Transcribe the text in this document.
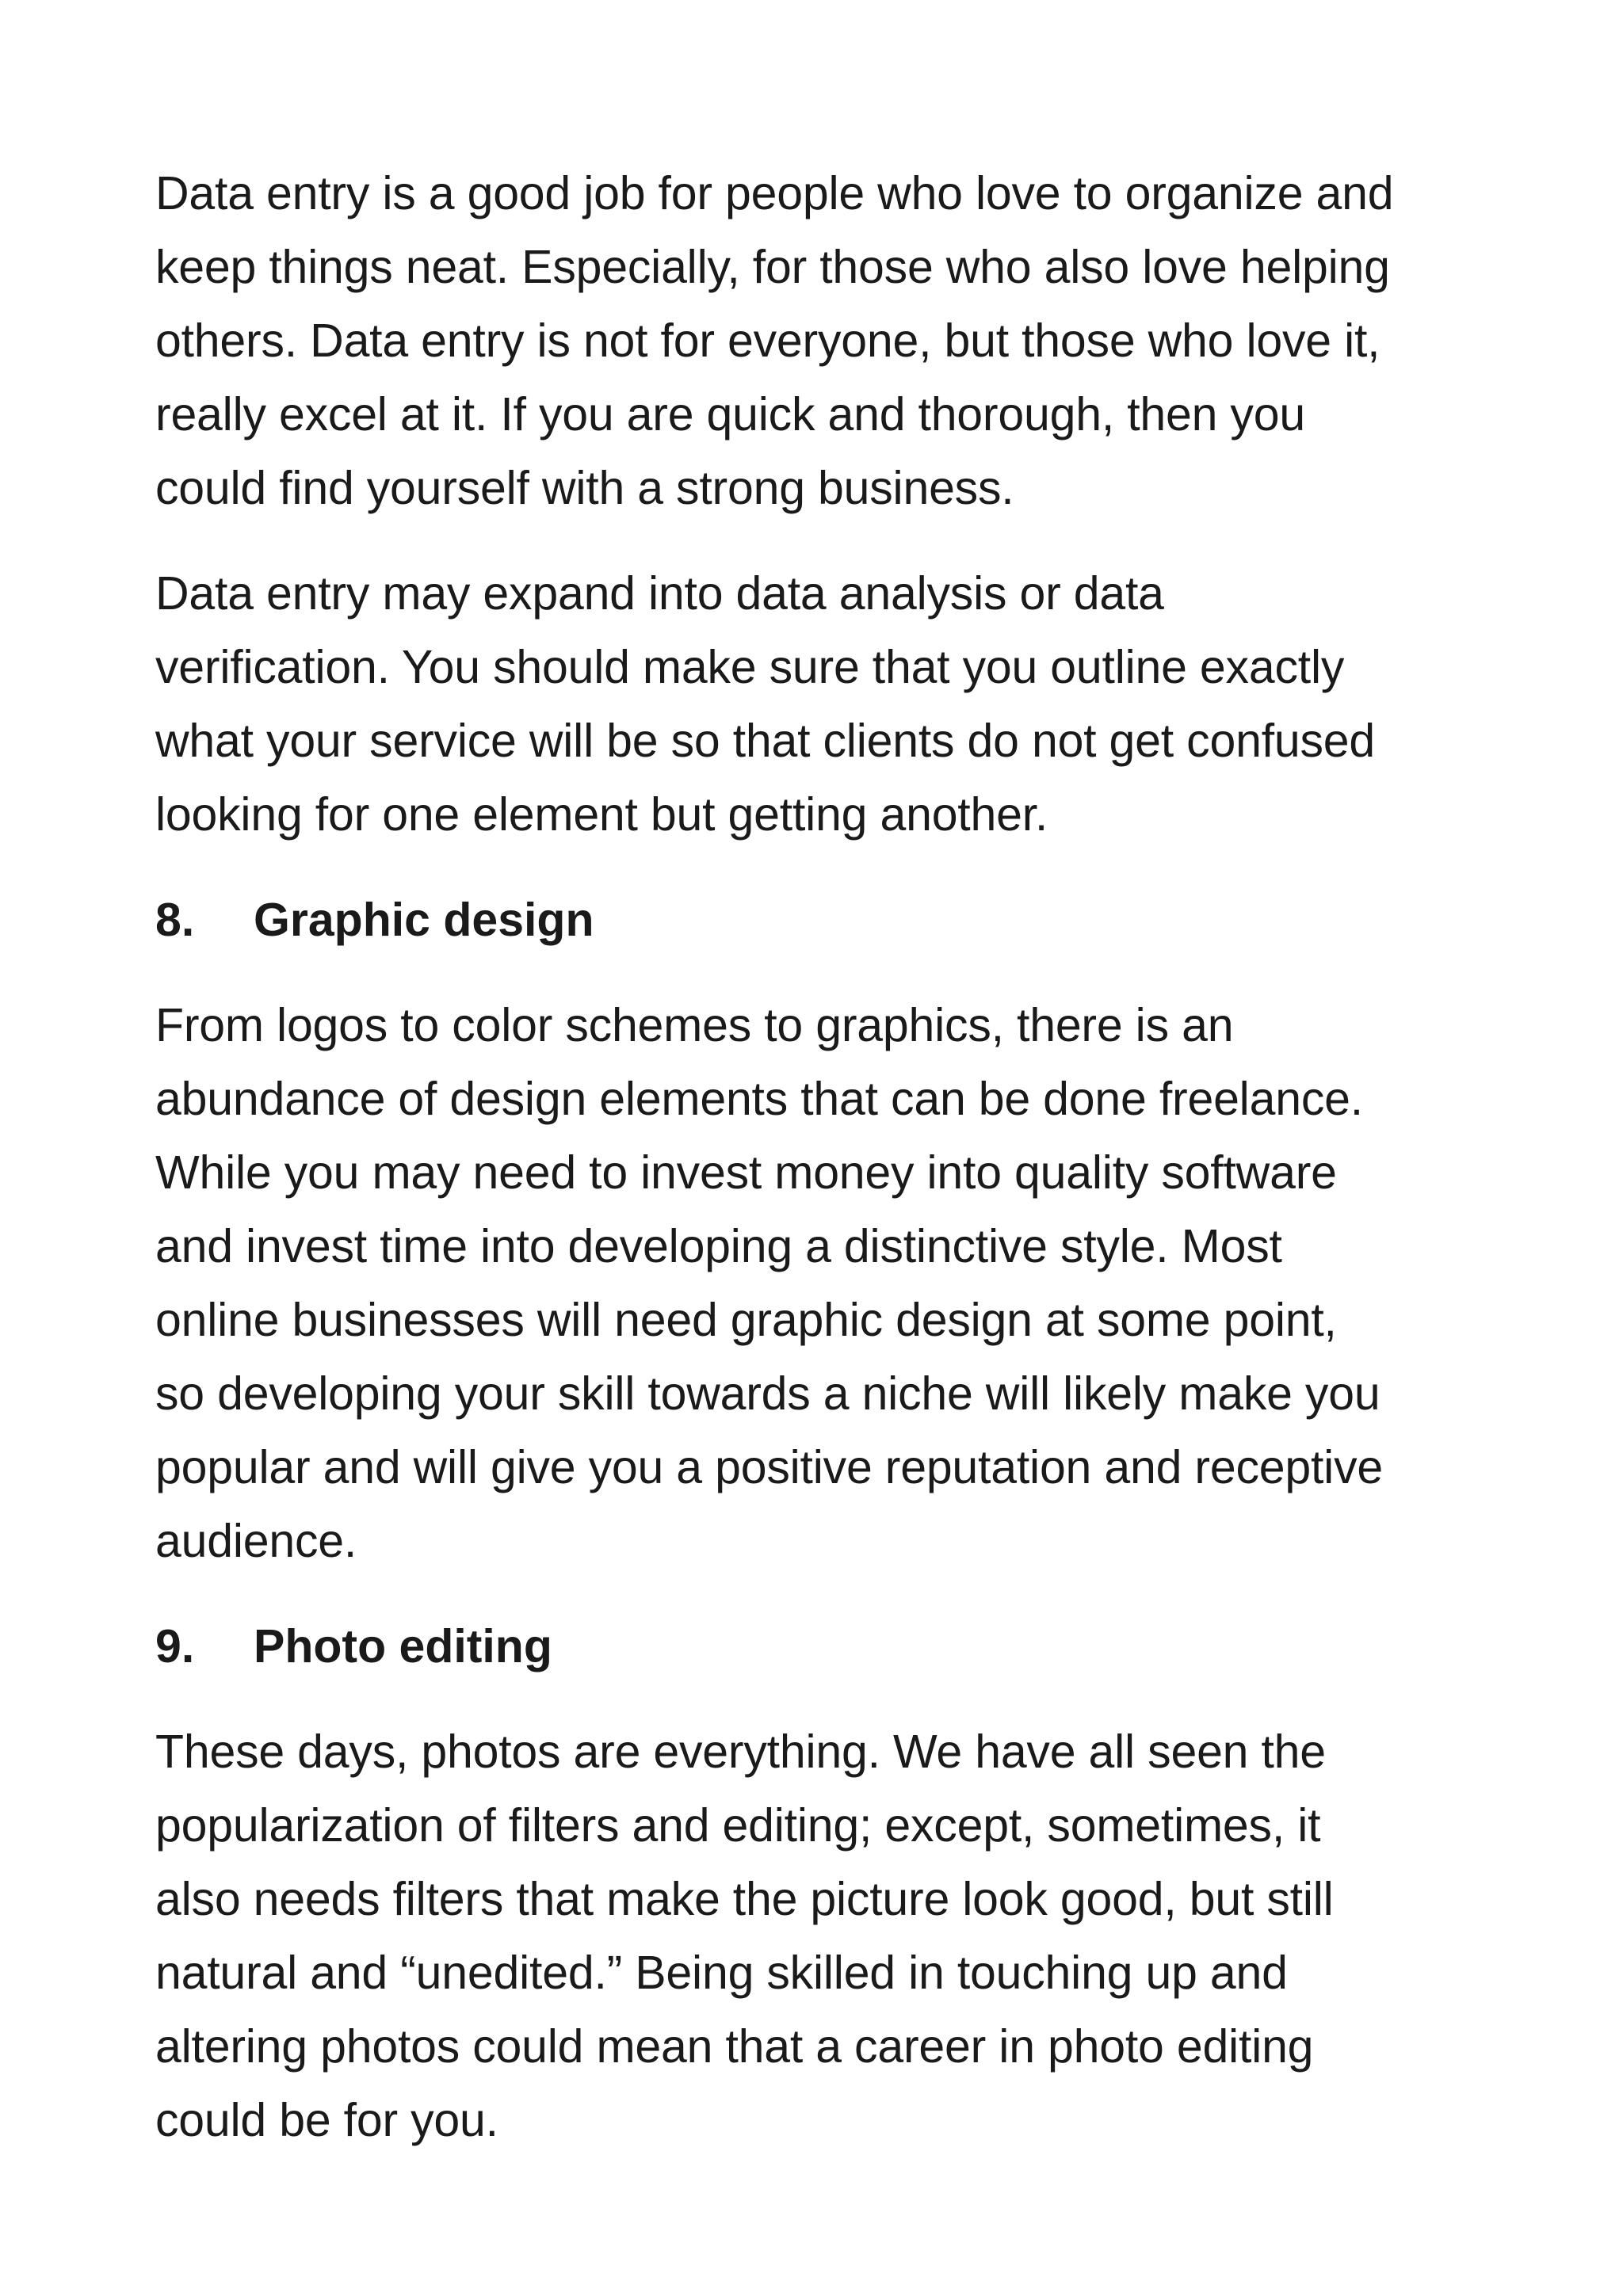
Data entry is a good job for people who love to organize and
keep things neat. Especially, for those who also love helping
others. Data entry is not for everyone, but those who love it,
really excel at it. If you are quick and thorough, then you
could find yourself with a strong business.

Data entry may expand into data analysis or data
verification. You should make sure that you outline exactly
what your service will be so that clients do not get confused
looking for one element but getting another.

8. Graphic design

From logos to color schemes to graphics, there is an
abundance of design elements that can be done freelance.
While you may need to invest money into quality software
and invest time into developing a distinctive style. Most
online businesses will need graphic design at some point,
so developing your skill towards a niche will likely make you
popular and will give you a positive reputation and receptive
audience.

9. Photo editing

These days, photos are everything. We have all seen the
popularization of filters and editing; except, sometimes, it
also needs filters that make the picture look good, but still
natural and “unedited.” Being skilled in touching up and
altering photos could mean that a career in photo editing
could be for you.
